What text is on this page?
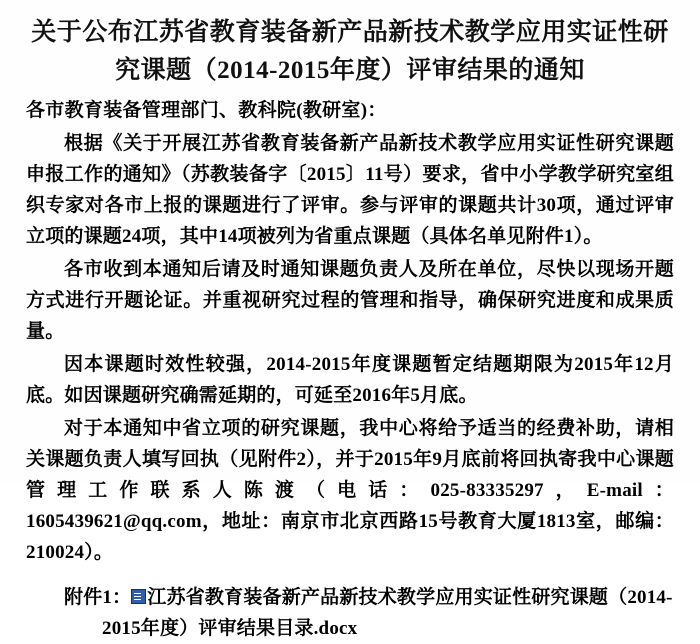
关于公布江苏省教育装备新产品新技术教学应用实证性研究课题（2014-2015年度）评审结果的通知
各市教育装备管理部门、教科院(教研室)：

根据《关于开展江苏省教育装备新产品新技术教学应用实证性研究课题申报工作的通知》（苏教装备字〔2015〕11号）要求，省中小学教学研究室组织专家对各市上报的课题进行了评审。参与评审的课题共计30项，通过评审立项的课题24项，其中14项被列为省重点课题（具体名单见附件1）。

各市收到本通知后请及时通知课题负责人及所在单位，尽快以现场开题方式进行开题论证。并重视研究过程的管理和指导，确保研究进度和成果质量。

因本课题时效性较强，2014-2015年度课题暂定结题期限为2015年12月底。如因课题研究确需延期的，可延至2016年5月底。

对于本通知中省立项的研究课题，我中心将给予适当的经费补助，请相关课题负责人填写回执（见附件2），并于2015年9月底前将回执寄我中心课题管理工作联系人陈渡（电话：025-83335297，E-mail：1605439621@qq.com，地址：南京市北京西路15号教育大厦1813室，邮编：210024）。

附件1： 江苏省教育装备新产品新技术教学应用实证性研究课题（2014-
2015年度）评审结果目录.docx
